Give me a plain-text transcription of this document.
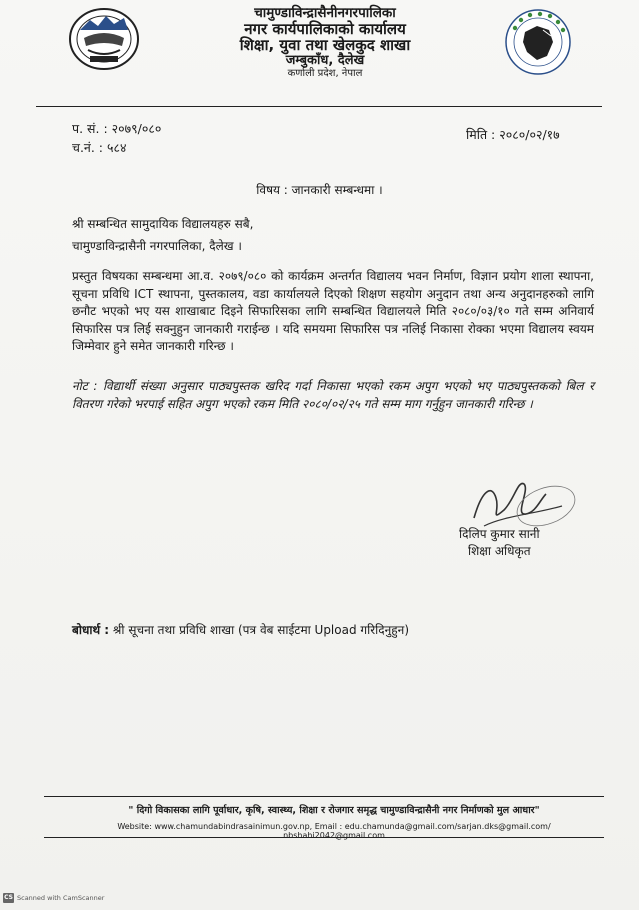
चामुण्डाविन्द्रासैनीनगरपालिका
नगर कार्यपालिकाको कार्यालय
शिक्षा, युवा तथा खेलकुद शाखा
जम्बुकाँध, दैलेख
कर्णाली प्रदेश, नेपाल
प. सं. : २०७९/०८०
च.नं. : ५८४
मिति : २०८०/०२/१७
विषय : जानकारी सम्बन्धमा ।
श्री सम्बन्धित सामुदायिक विद्यालयहरु सबै,
चामुण्डाविन्द्रासैनी नगरपालिका, दैलेख ।
प्रस्तुत विषयका सम्बन्धमा आ.व. २०७९/०८० को कार्यक्रम अन्तर्गत विद्यालय भवन निर्माण, विज्ञान प्रयोग शाला स्थापना, सूचना प्रविधि ICT स्थापना, पुस्तकालय, वडा कार्यालयले दिएको शिक्षण सहयोग अनुदान तथा अन्य अनुदानहरुको लागि छनौट भएको भए यस शाखाबाट दिइने सिफारिसका लागि सम्बन्धित विद्यालयले मिति २०८०/०३/१० गते सम्म अनिवार्य सिफारिस पत्र लिई सक्नुहुन जानकारी गराईन्छ । यदि समयमा सिफारिस पत्र नलिई निकासा रोक्का भएमा विद्यालय स्वयम जिम्मेवार हुने समेत जानकारी गरिन्छ ।
नोट : विद्यार्थी संख्या अनुसार पाठ्यपुस्तक खरिद गर्दा निकासा भएको रकम अपुग भएको भए पाठ्यपुस्तकको बिल र वितरण गरेको भरपाई सहित अपुग भएको रकम मिति २०८०/०२/२५ गते सम्म माग गर्नुहुन जानकारी गरिन्छ ।
दिलिप कुमार सानी
शिक्षा अधिकृत
बोधार्थ : श्री सूचना तथा प्रविधि शाखा (पत्र वेब साईटमा Upload गरिदिनुहुन)
" दिगो विकासका लागि पूर्वाधार, कृषि, स्वास्थ्य, शिक्षा र रोजगार समृद्ध चामुण्डाविन्द्रासैनी नगर निर्माणको मुल आधार"
Website: www.chamundabindrasainimun.gov.np, Email : edu.chamunda@gmail.com/sarjan.dks@gmail.com/ nbshahi2042@gmail.com
CS Scanned with CamScanner
